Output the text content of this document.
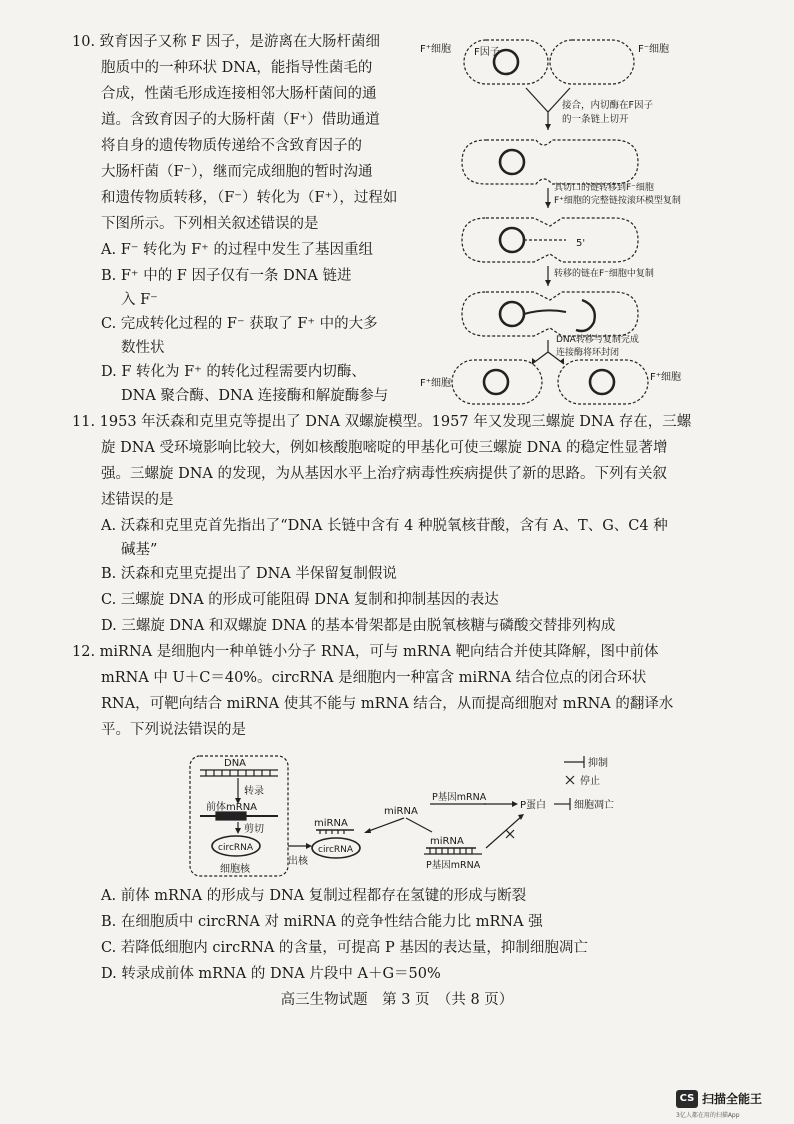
10. 致育因子又称 F 因子，是游离在大肠杆菌细
胞质中的一种环状 DNA，能指导性菌毛的
合成，性菌毛形成连接相邻大肠杆菌间的通
道。含致育因子的大肠杆菌（F⁺）借助通道
将自身的遗传物质传递给不含致育因子的
大肠杆菌（F⁻），继而完成细胞的暂时沟通
和遗传物质转移，（F⁻）转化为（F⁺），过程如
下图所示。下列相关叙述错误的是
A. F⁻ 转化为 F⁺ 的过程中发生了基因重组
B. F⁺ 中的 F 因子仅有一条 DNA 链进
入 F⁻
C. 完成转化过程的 F⁻ 获取了 F⁺ 中的大多
数性状
D. F 转化为 F⁺ 的转化过程需要内切酶、
DNA 聚合酶、DNA 连接酶和解旋酶参与
F⁺细胞 F因子	F⁻细胞
接合，内切酶在F因子
的一条链上切开
其切口的链转移到F⁻细胞
F⁺细胞的完整链按滚环模型复制
5'
转移的链在F⁻细胞中复制
DNA转移与复制完成
连接酶将环封闭
F⁺细胞
F⁺细胞
11. 1953 年沃森和克里克等提出了 DNA 双螺旋模型。1957 年又发现三螺旋 DNA 存在，三螺
旋 DNA 受环境影响比较大，例如核酸胞嘧啶的甲基化可使三螺旋 DNA 的稳定性显著增
强。三螺旋 DNA 的发现，为从基因水平上治疗病毒性疾病提供了新的思路。下列有关叙
述错误的是
A. 沃森和克里克首先指出了“DNA 长链中含有 4 种脱氧核苷酸，含有 A、T、G、C4 种
碱基”
B. 沃森和克里克提出了 DNA 半保留复制假说
C. 三螺旋 DNA 的形成可能阻碍 DNA 复制和抑制基因的表达
D. 三螺旋 DNA 和双螺旋 DNA 的基本骨架都是由脱氧核糖与磷酸交替排列构成
12. miRNA 是细胞内一种单链小分子 RNA，可与 mRNA 靶向结合并使其降解，图中前体
mRNA 中 U＋C＝40%。circRNA 是细胞内一种富含 miRNA 结合位点的闭合环状
RNA，可靶向结合 miRNA 使其不能与 mRNA 结合，从而提高细胞对 mRNA 的翻译水
平。下列说法错误的是
DNA
转录
前体mRNA
剪切
circRNA
细胞核
出核
miRNA
circRNA
miRNA
P基因mRNA
P蛋白	细胞凋亡
miRNA
P基因mRNA
抑制
停止
A. 前体 mRNA 的形成与 DNA 复制过程都存在氢键的形成与断裂
B. 在细胞质中 circRNA 对 miRNA 的竞争性结合能力比 mRNA 强
C. 若降低细胞内 circRNA 的含量，可提高 P 基因的表达量，抑制细胞凋亡
D. 转录成前体 mRNA 的 DNA 片段中 A＋G＝50%
高三生物试题　第 3 页　（共 8 页）
CS 扫描全能王
3亿人都在用的扫描App
